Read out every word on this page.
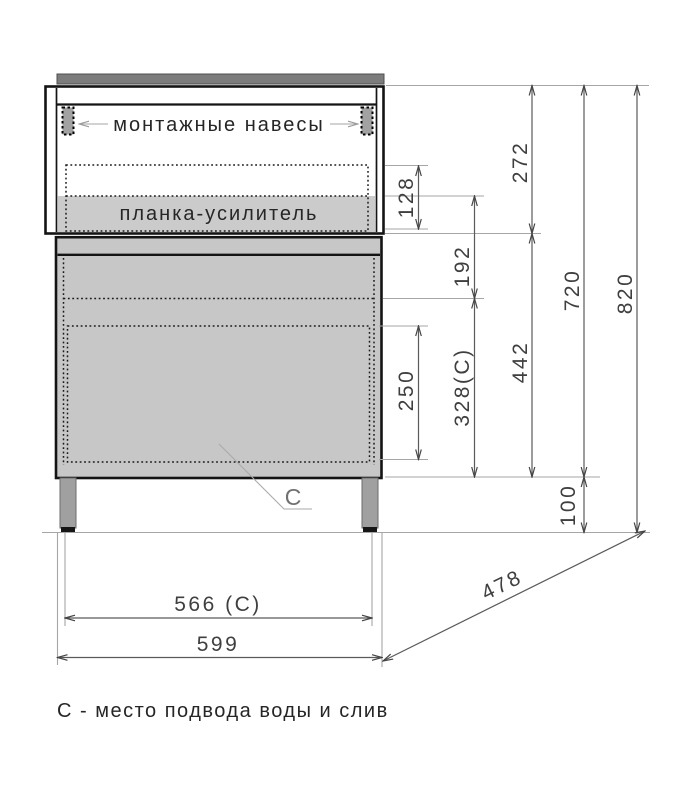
272
128
192
250 328(C) 442
720 820
100
566 (C)
599
478
монтажные навесы
планка-усилитель
C
С - место подвода воды и слив
